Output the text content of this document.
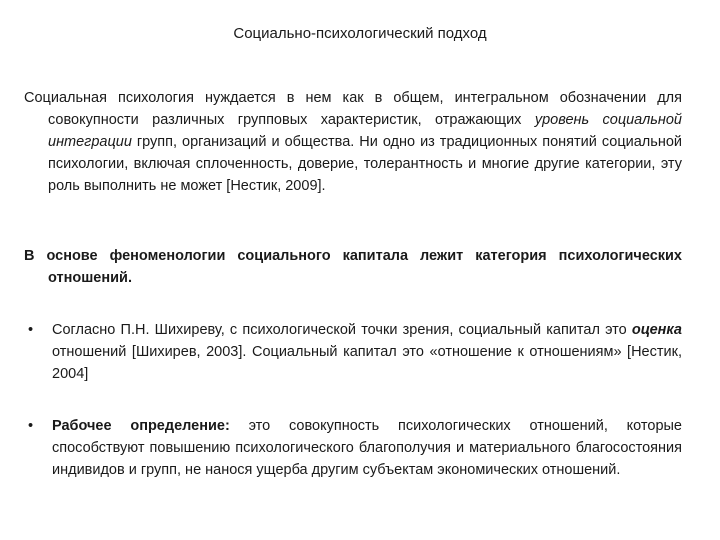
Социально-психологический подход
Социальная психология нуждается в нем как в общем, интегральном обозначении для совокупности различных групповых характеристик, отражающих уровень социальной интеграции групп, организаций и общества. Ни одно из традиционных понятий социальной психологии, включая сплоченность, доверие, толерантность и многие другие категории, эту роль выполнить не может [Нестик, 2009].
В основе феноменологии социального капитала лежит категория психологических отношений.
• Согласно П.Н. Шихиреву, с психологической точки зрения, социальный капитал это оценка отношений [Шихирев, 2003]. Социальный капитал это «отношение к отношениям» [Нестик, 2004]
• Рабочее определение: это совокупность психологических отношений, которые способствуют повышению психологического благополучия и материального благосостояния индивидов и групп, не нанося ущерба другим субъектам экономических отношений.
